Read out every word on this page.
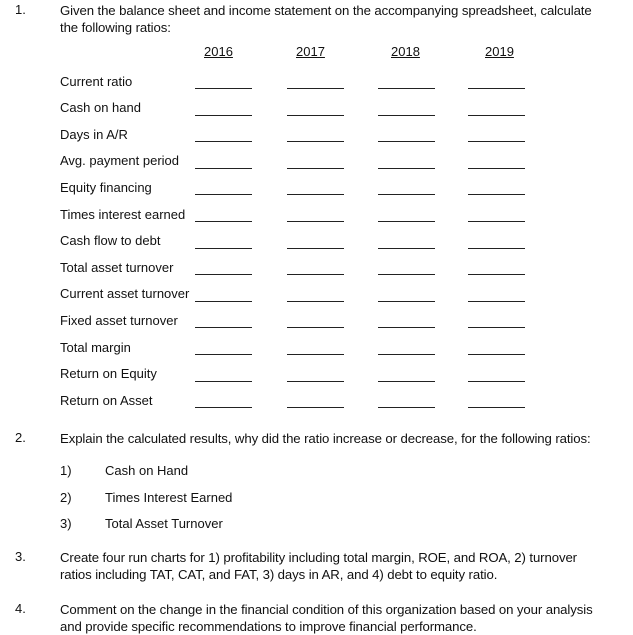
1.	Given the balance sheet and income statement on the accompanying spreadsheet, calculate the following ratios:
2016	2017	2018	2019
Current ratio
Cash on hand
Days in A/R
Avg. payment period
Equity financing
Times interest earned
Cash flow to debt
Total asset turnover
Current asset turnover
Fixed asset turnover
Total margin
Return on Equity
Return on Asset
2.	Explain the calculated results, why did the ratio increase or decrease, for the following ratios:
1)	Cash on Hand
2)	Times Interest Earned
3)	Total Asset Turnover
3.	Create four run charts for 1) profitability including total margin, ROE, and ROA, 2) turnover ratios including TAT, CAT, and FAT, 3) days in AR, and 4) debt to equity ratio.
4.	Comment on the change in the financial condition of this organization based on your analysis and provide specific recommendations to improve financial performance.
